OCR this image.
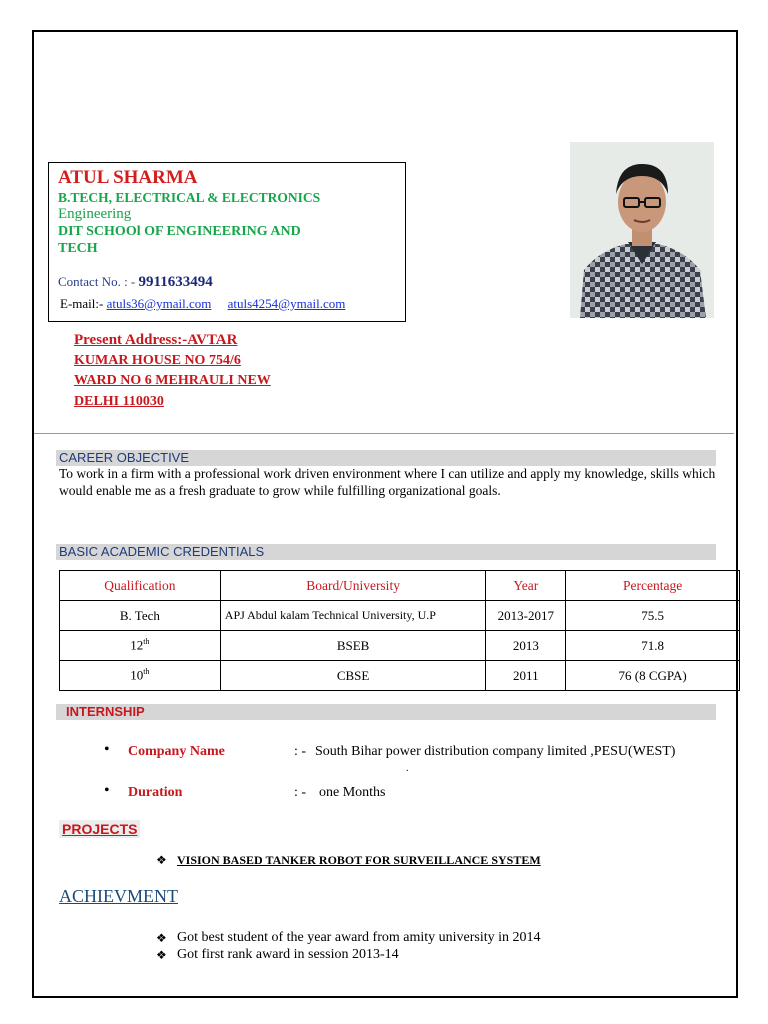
ATUL SHARMA
B.TECH, ELECTRICAL & ELECTRONICS
Engineering
DIT SCHOOl OF ENGINEERING AND
TECH
Contact No. : - 9911633494
E-mail:- atuls36@ymail.com atuls4254@ymail.com
Present Address:-AVTAR
KUMAR HOUSE NO 754/6
WARD NO 6 MEHRAULI NEW
DELHI 110030
CAREER OBJECTIVE
To work in a firm with a professional work driven environment where I can utilize and apply my knowledge, skills which would enable me as a fresh graduate to grow while fulfilling organizational goals.
BASIC ACADEMIC CREDENTIALS
Qualification	Board/University	Year	Percentage
B. Tech	APJ Abdul kalam Technical University, U.P	2013-2017	75.5
12th	BSEB	2013	71.8
10th	CBSE	2011	76 (8 CGPA)
INTERNSHIP
• Company Name	: - South Bihar power distribution company limited ,PESU(WEST)
.
• Duration	: - one Months
PROJECTS
❖ VISION BASED TANKER ROBOT FOR SURVEILLANCE SYSTEM
ACHIEVMENT
❖ Got best student of the year award from amity university in 2014
❖ Got first rank award in session 2013-14
